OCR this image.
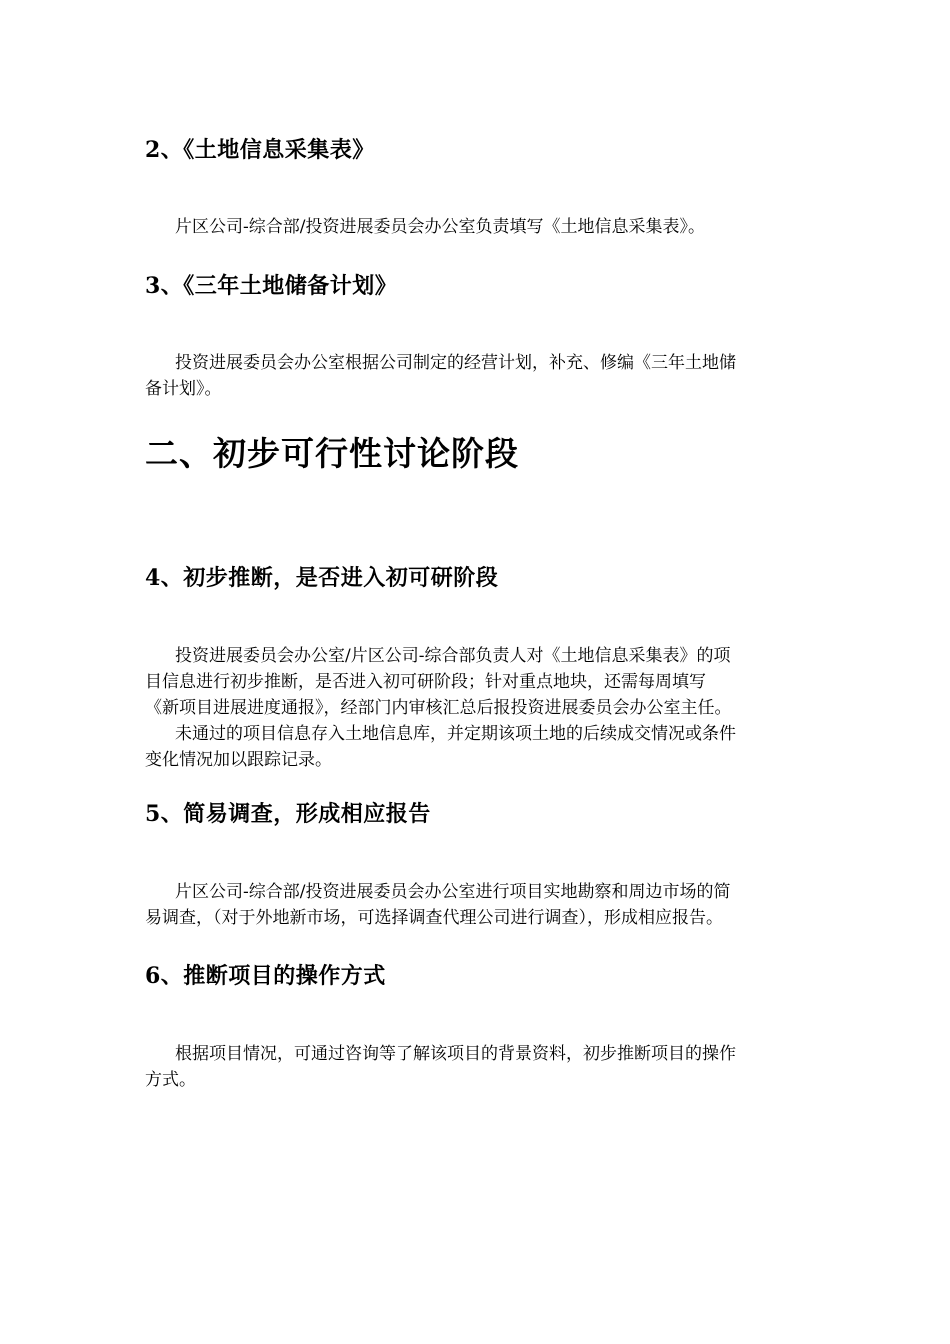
2、《土地信息采集表》
片区公司-综合部/投资进展委员会办公室负责填写《土地信息采集表》。
3、《三年土地储备计划》
投资进展委员会办公室根据公司制定的经营计划，补充、修编《三年土地储
备计划》。
二、初步可行性讨论阶段
4、初步推断，是否进入初可研阶段
投资进展委员会办公室/片区公司-综合部负责人对《土地信息采集表》的项
目信息进行初步推断，是否进入初可研阶段；针对重点地块，还需每周填写
《新项目进展进度通报》，经部门内审核汇总后报投资进展委员会办公室主任。
未通过的项目信息存入土地信息库，并定期该项土地的后续成交情况或条件
变化情况加以跟踪记录。
5、简易调查，形成相应报告
片区公司-综合部/投资进展委员会办公室进行项目实地勘察和周边市场的简
易调查，（对于外地新市场，可选择调查代理公司进行调查），形成相应报告。
6、推断项目的操作方式
根据项目情况，可通过咨询等了解该项目的背景资料，初步推断项目的操作
方式。
